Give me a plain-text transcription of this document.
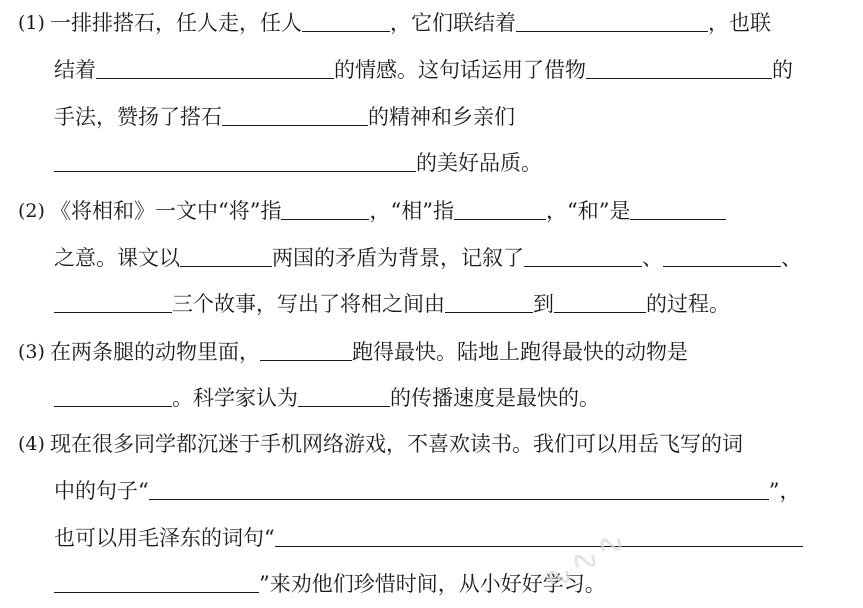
(1) 一排排搭石，任人走，任人	，它们联结着	，也联
结着	的情感。这句话运用了借物	的
手法，赞扬了搭石	的精神和乡亲们
的美好品质。
(2) 《将相和》一文中“将”指	，“相”指	，“和”是
之意。课文以	两国的矛盾为背景，记叙了	、	、
三个故事，写出了将相之间由	到	的过程。
(3) 在两条腿的动物里面，	跑得最快。陆地上跑得最快的动物是
。科学家认为	的传播速度是最快的。
(4) 现在很多同学都沉迷于手机网络游戏，不喜欢读书。我们可以用岳飞写的词
中的句子“	”，
也可以用毛泽东的词句“
”来劝他们珍惜时间，从小好好学习。
∿∿∿
